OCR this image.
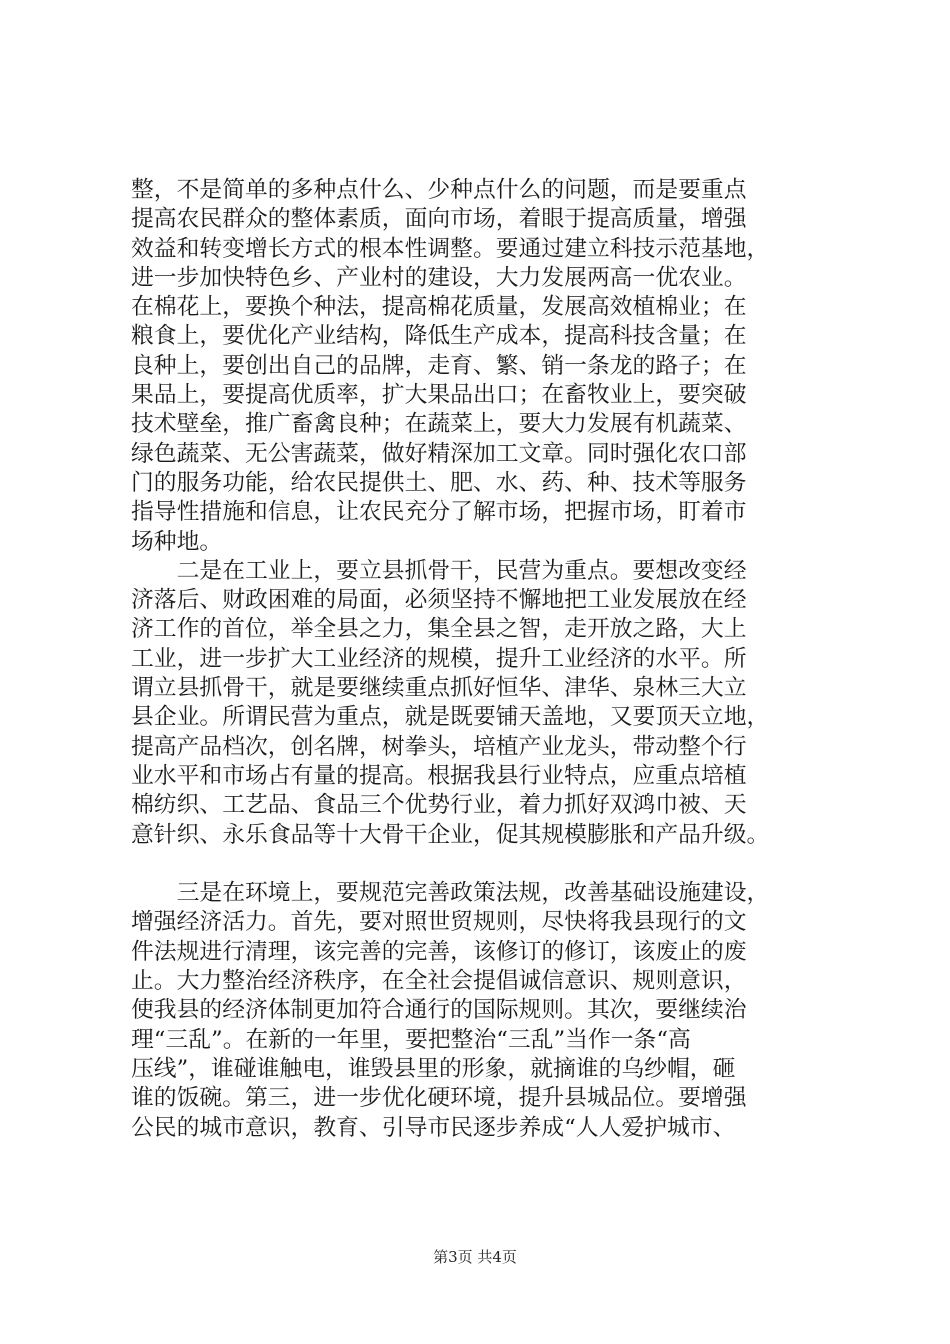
整，不是简单的多种点什么、少种点什么的问题，而是要重点
提高农民群众的整体素质，面向市场，着眼于提高质量，增强
效益和转变增长方式的根本性调整。要通过建立科技示范基地，
进一步加快特色乡、产业村的建设，大力发展两高一优农业。
在棉花上，要换个种法，提高棉花质量，发展高效植棉业；在
粮食上，要优化产业结构，降低生产成本，提高科技含量；在
良种上，要创出自己的品牌，走育、繁、销一条龙的路子；在
果品上，要提高优质率，扩大果品出口；在畜牧业上，要突破
技术壁垒，推广畜禽良种；在蔬菜上，要大力发展有机蔬菜、
绿色蔬菜、无公害蔬菜，做好精深加工文章。同时强化农口部
门的服务功能，给农民提供土、肥、水、药、种、技术等服务
指导性措施和信息，让农民充分了解市场，把握市场，盯着市
场种地。
　　二是在工业上，要立县抓骨干，民营为重点。要想改变经
济落后、财政困难的局面，必须坚持不懈地把工业发展放在经
济工作的首位，举全县之力，集全县之智，走开放之路，大上
工业，进一步扩大工业经济的规模，提升工业经济的水平。所
谓立县抓骨干，就是要继续重点抓好恒华、津华、泉林三大立
县企业。所谓民营为重点，就是既要铺天盖地，又要顶天立地，
提高产品档次，创名牌，树拳头，培植产业龙头，带动整个行
业水平和市场占有量的提高。根据我县行业特点，应重点培植
棉纺织、工艺品、食品三个优势行业，着力抓好双鸿巾被、天
意针织、永乐食品等十大骨干企业，促其规模膨胀和产品升级。
　　三是在环境上，要规范完善政策法规，改善基础设施建设，
增强经济活力。首先，要对照世贸规则，尽快将我县现行的文
件法规进行清理，该完善的完善，该修订的修订，该废止的废
止。大力整治经济秩序，在全社会提倡诚信意识、规则意识，
使我县的经济体制更加符合通行的国际规则。其次，要继续治
理“三乱”。在新的一年里，要把整治“三乱”当作一条“高
压线”，谁碰谁触电，谁毁县里的形象，就摘谁的乌纱帽，砸
谁的饭碗。第三，进一步优化硬环境，提升县城品位。要增强
公民的城市意识，教育、引导市民逐步养成“人人爱护城市、
第3页 共4页
